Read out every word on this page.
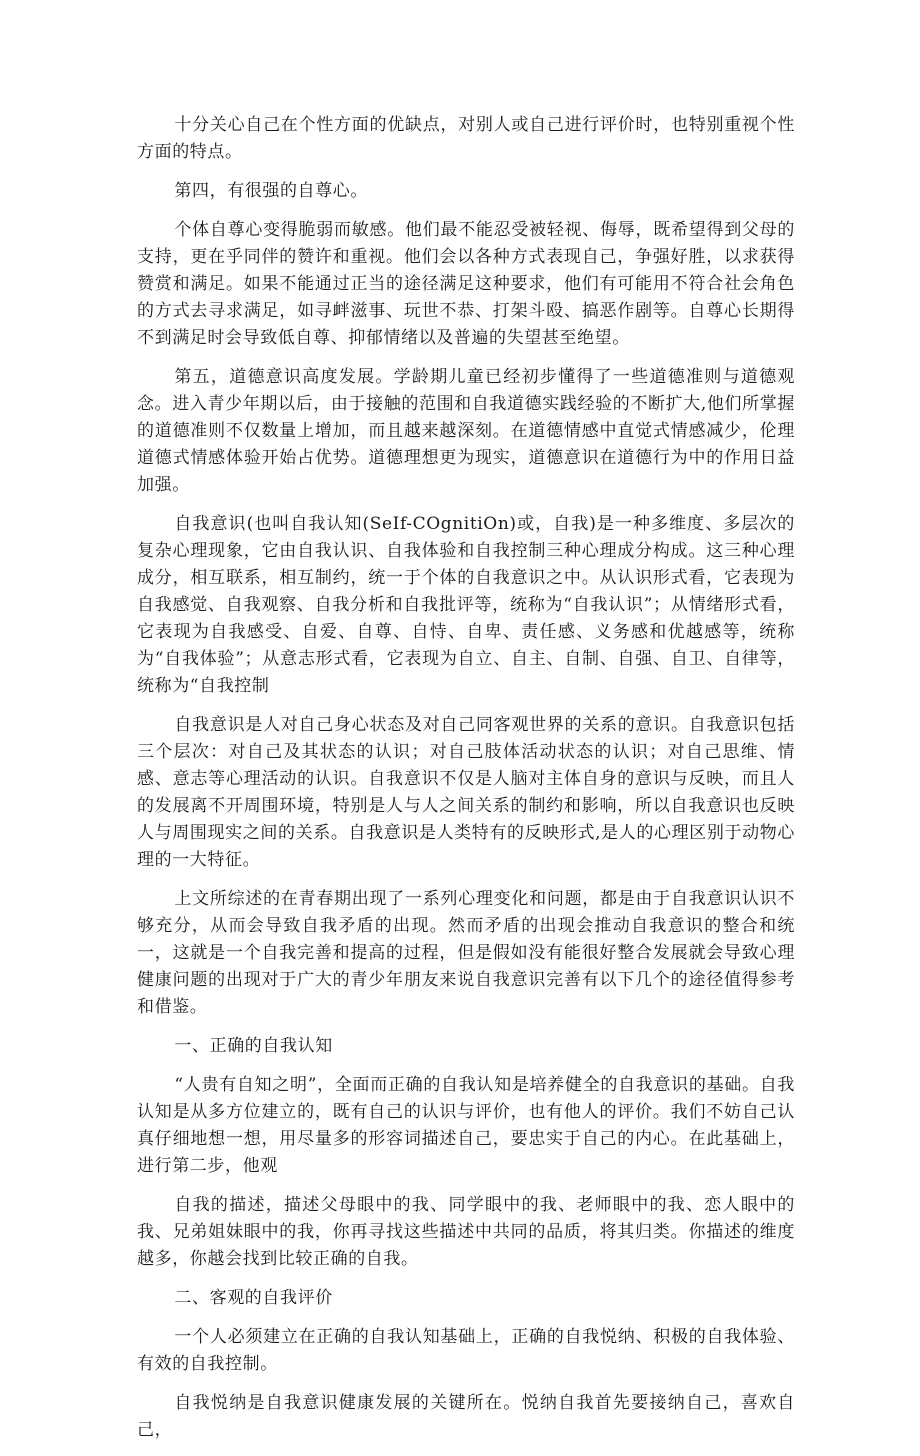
十分关心自己在个性方面的优缺点，对别人或自己进行评价时，也特别重视个性方面的特点。

第四，有很强的自尊心。

个体自尊心变得脆弱而敏感。他们最不能忍受被轻视、侮辱，既希望得到父母的支持，更在乎同伴的赞许和重视。他们会以各种方式表现自己，争强好胜，以求获得赞赏和满足。如果不能通过正当的途径满足这种要求，他们有可能用不符合社会角色的方式去寻求满足，如寻衅滋事、玩世不恭、打架斗殴、搞恶作剧等。自尊心长期得不到满足时会导致低自尊、抑郁情绪以及普遍的失望甚至绝望。

第五，道德意识高度发展。学龄期儿童已经初步懂得了一些道德准则与道德观念。进入青少年期以后，由于接触的范围和自我道德实践经验的不断扩大,他们所掌握的道德准则不仅数量上增加，而且越来越深刻。在道德情感中直觉式情感减少，伦理道德式情感体验开始占优势。道德理想更为现实，道德意识在道德行为中的作用日益加强。

自我意识(也叫自我认知(SeIf-COgnitiOn)或，自我)是一种多维度、多层次的复杂心理现象，它由自我认识、自我体验和自我控制三种心理成分构成。这三种心理成分，相互联系，相互制约，统一于个体的自我意识之中。从认识形式看，它表现为自我感觉、自我观察、自我分析和自我批评等，统称为“自我认识”；从情绪形式看，它表现为自我感受、自爱、自尊、自恃、自卑、责任感、义务感和优越感等，统称为“自我体验”；从意志形式看，它表现为自立、自主、自制、自强、自卫、自律等，统称为“自我控制

自我意识是人对自己身心状态及对自己同客观世界的关系的意识。自我意识包括三个层次：对自己及其状态的认识；对自己肢体活动状态的认识；对自己思维、情感、意志等心理活动的认识。自我意识不仅是人脑对主体自身的意识与反映，而且人的发展离不开周围环境，特别是人与人之间关系的制约和影响，所以自我意识也反映人与周围现实之间的关系。自我意识是人类特有的反映形式,是人的心理区别于动物心理的一大特征。

上文所综述的在青春期出现了一系列心理变化和问题，都是由于自我意识认识不够充分，从而会导致自我矛盾的出现。然而矛盾的出现会推动自我意识的整合和统一，这就是一个自我完善和提高的过程，但是假如没有能很好整合发展就会导致心理健康问题的出现对于广大的青少年朋友来说自我意识完善有以下几个的途径值得参考和借鉴。

一、正确的自我认知

“人贵有自知之明”，全面而正确的自我认知是培养健全的自我意识的基础。自我认知是从多方位建立的，既有自己的认识与评价，也有他人的评价。我们不妨自己认真仔细地想一想，用尽量多的形容词描述自己，要忠实于自己的内心。在此基础上，进行第二步，他观

自我的描述，描述父母眼中的我、同学眼中的我、老师眼中的我、恋人眼中的我、兄弟姐妹眼中的我，你再寻找这些描述中共同的品质，将其归类。你描述的维度越多，你越会找到比较正确的自我。

二、客观的自我评价

一个人必须建立在正确的自我认知基础上，正确的自我悦纳、积极的自我体验、有效的自我控制。

自我悦纳是自我意识健康发展的关键所在。悦纳自我首先要接纳自己，喜欢自己，
